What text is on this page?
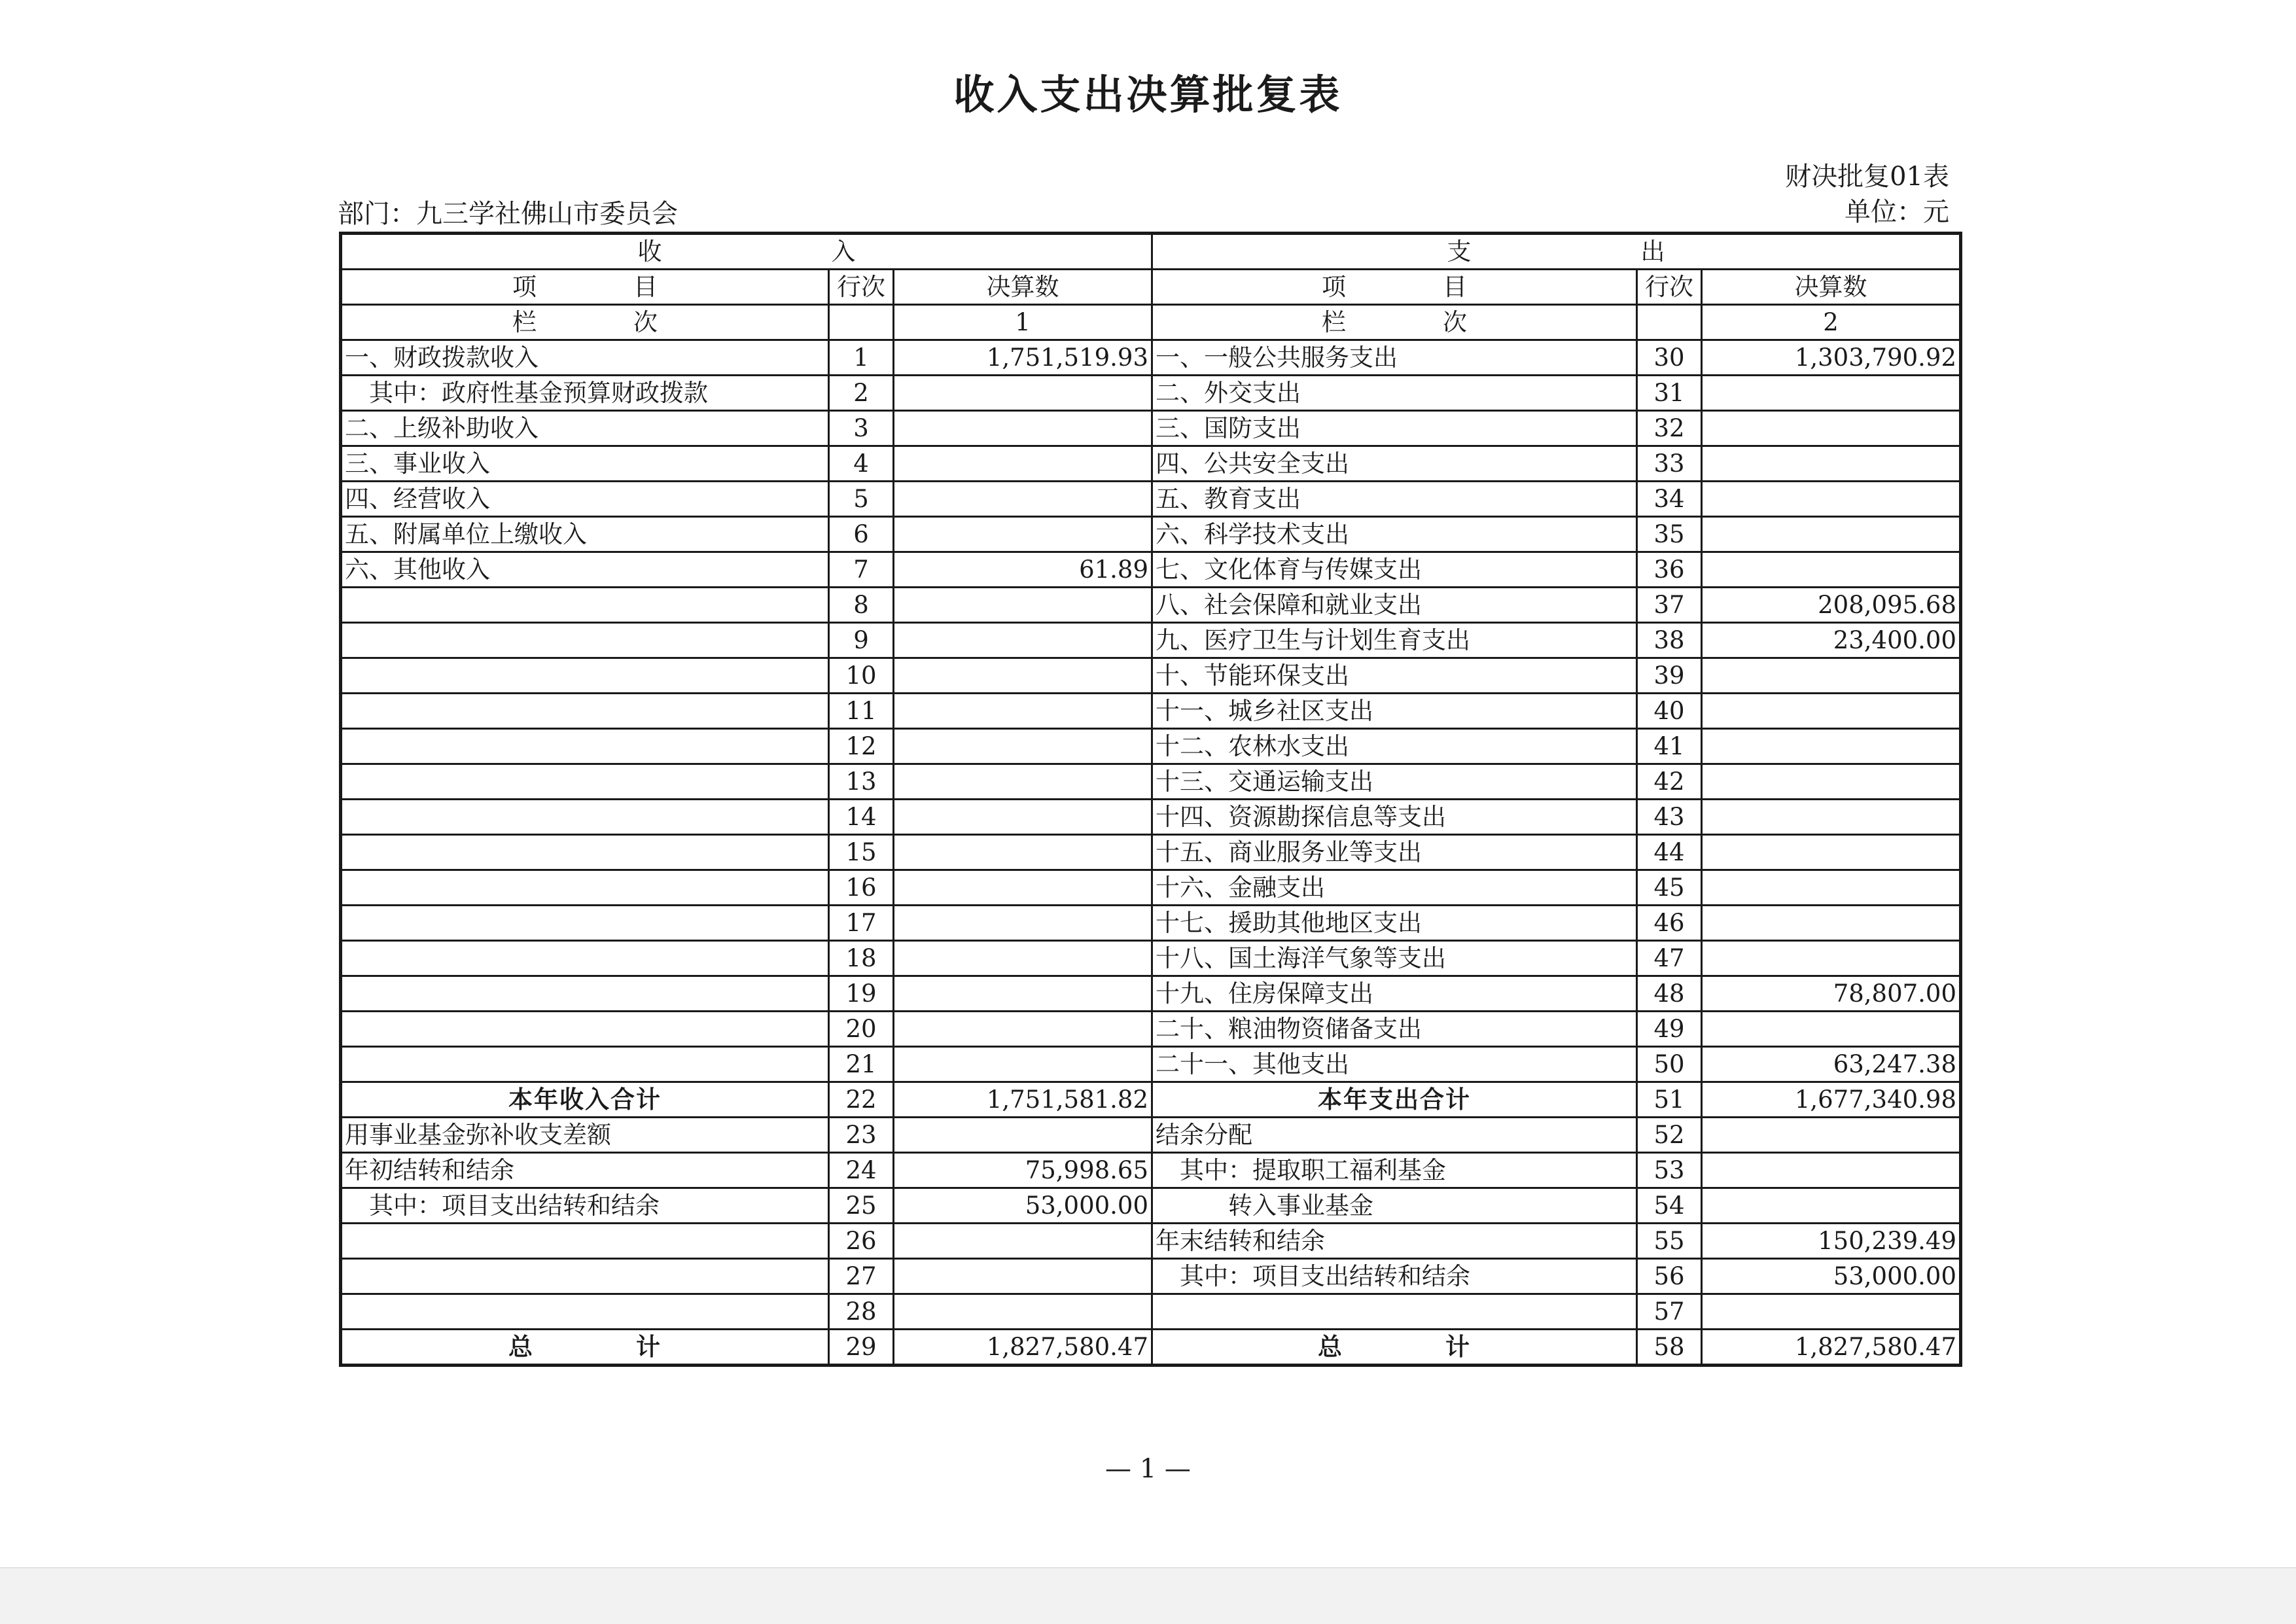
收入支出决算批复表
财决批复01表
部门：九三学社佛山市委员会	单位：元
收　　　　　　　入			支　　　　　　　出		
项　　　　目	行次	决算数	项　　　　目	行次	决算数
栏　　　　次		1	栏　　　　次		2
一、财政拨款收入	1	1,751,519.93	一、一般公共服务支出	30	1,303,790.92
　其中：政府性基金预算财政拨款	2		二、外交支出	31	
二、上级补助收入	3		三、国防支出	32	
三、事业收入	4		四、公共安全支出	33	
四、经营收入	5		五、教育支出	34	
五、附属单位上缴收入	6		六、科学技术支出	35	
六、其他收入	7	61.89	七、文化体育与传媒支出	36	
	8		八、社会保障和就业支出	37	208,095.68
	9		九、医疗卫生与计划生育支出	38	23,400.00
	10		十、节能环保支出	39	
	11		十一、城乡社区支出	40	
	12		十二、农林水支出	41	
	13		十三、交通运输支出	42	
	14		十四、资源勘探信息等支出	43	
	15		十五、商业服务业等支出	44	
	16		十六、金融支出	45	
	17		十七、援助其他地区支出	46	
	18		十八、国土海洋气象等支出	47	
	19		十九、住房保障支出	48	78,807.00
	20		二十、粮油物资储备支出	49	
	21		二十一、其他支出	50	63,247.38
本年收入合计	22	1,751,581.82	本年支出合计	51	1,677,340.98
用事业基金弥补收支差额	23		结余分配	52	
年初结转和结余	24	75,998.65	　其中：提取职工福利基金	53	
　其中：项目支出结转和结余	25	53,000.00	　　　转入事业基金	54	
	26		年末结转和结余	55	150,239.49
	27		　其中：项目支出结转和结余	56	53,000.00
	28			57	
总　　　　计	29	1,827,580.47	总　　　　计	58	1,827,580.47
— 1 —
